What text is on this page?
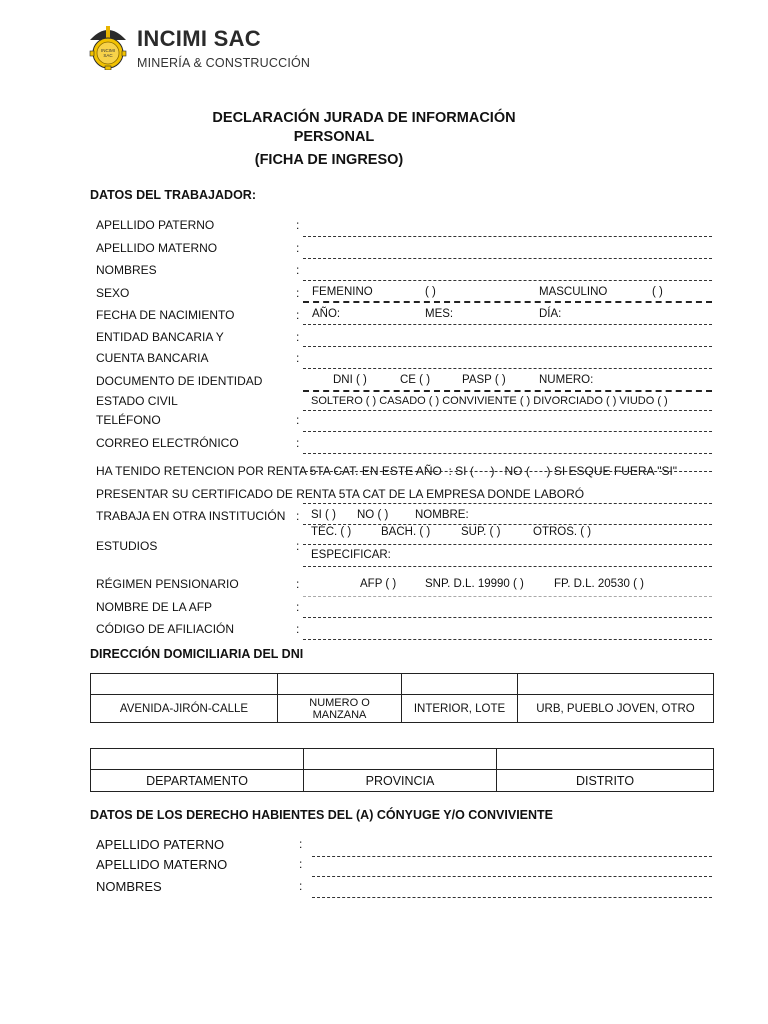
INCIMI SAC
INCIMI SAC
MINERÍA & CONSTRUCCIÓN
DECLARACIÓN JURADA DE INFORMACIÓN
PERSONAL
(FICHA DE INGRESO)
DATOS DEL TRABAJADOR:
APELLIDO PATERNO	:
APELLIDO MATERNO	:
NOMBRES	:
SEXO	: FEMENINO	( )	MASCULINO	( )
FECHA DE NACIMIENTO	: AÑO:	MES:	DÍA:
ENTIDAD BANCARIA Y	:
CUENTA BANCARIA	:
DOCUMENTO DE IDENTIDAD	DNI ( )	CE ( )	PASP ( )	NUMERO:
ESTADO CIVIL	SOLTERO ( ) CASADO ( ) CONVIVIENTE ( ) DIVORCIADO ( ) VIUDO ( )
TELÉFONO	:
CORREO ELECTRÓNICO	:
HA TENIDO RETENCION POR RENTA 5TA CAT. EN ESTE AÑO  : SI (     )   NO (     ) SI ESQUE FUERA "SI"
PRESENTAR SU CERTIFICADO DE RENTA 5TA CAT DE LA EMPRESA DONDE LABORÓ
TRABAJA EN OTRA INSTITUCIÓN : SI ( ) NO ( ) NOMBRE:
ESTUDIOS	:
TÉC. ( )	BACH. ( )	SUP. ( )	OTROS. ( )
ESPECIFICAR:
RÉGIMEN PENSIONARIO	:	AFP ( )	SNP. D.L. 19990 ( )	FP. D.L. 20530 ( )
NOMBRE DE LA AFP	:
CÓDIGO DE AFILIACIÓN	:
DIRECCIÓN DOMICILIARIA DEL DNI

AVENIDA-JIRÓN-CALLE	NUMERO O MANZANA	INTERIOR, LOTE	URB, PUEBLO JOVEN, OTRO

DEPARTAMENTO	PROVINCIA	DISTRITO
DATOS DE LOS DERECHO HABIENTES DEL (A) CÓNYUGE Y/O CONVIVIENTE
APELLIDO PATERNO	:
APELLIDO MATERNO	:
NOMBRES	:
